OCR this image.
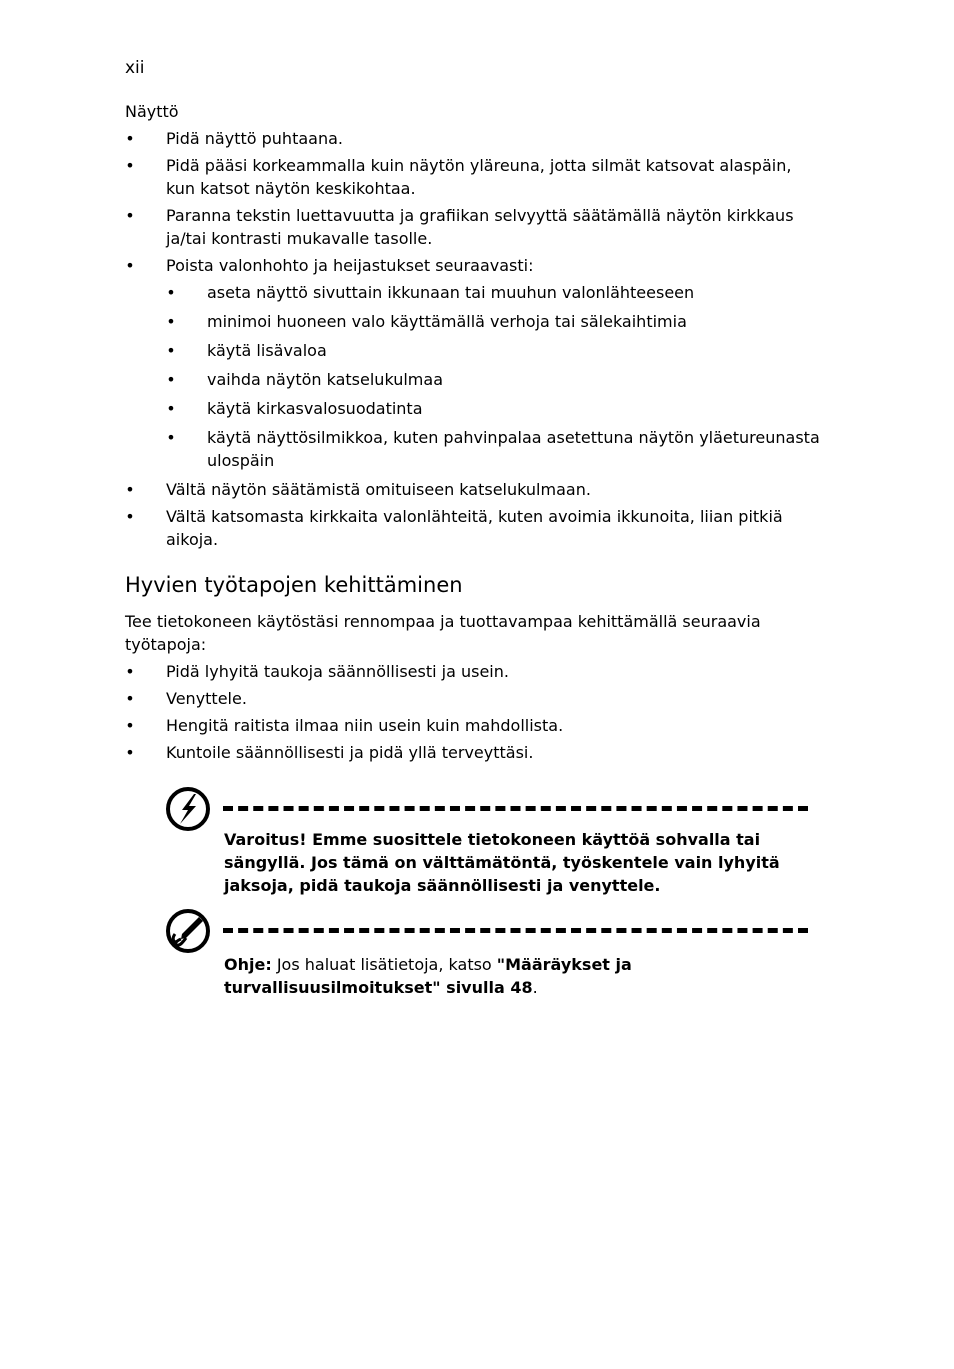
xii
Näyttö
• Pidä näyttö puhtaana.
• Pidä pääsi korkeammalla kuin näytön yläreuna, jotta silmät katsovat alaspäin, kun katsot näytön keskikohtaa.
• Paranna tekstin luettavuutta ja grafiikan selvyyttä säätämällä näytön kirkkaus ja/tai kontrasti mukavalle tasolle.
• Poista valonhohto ja heijastukset seuraavasti:
• aseta näyttö sivuttain ikkunaan tai muuhun valonlähteeseen
• minimoi huoneen valo käyttämällä verhoja tai sälekaihtimia
• käytä lisävaloa
• vaihda näytön katselukulmaa
• käytä kirkasvalosuodatinta
• käytä näyttösilmikkoa, kuten pahvinpalaa asetettuna näytön yläetureunasta ulospäin
• Vältä näytön säätämistä omituiseen katselukulmaan.
• Vältä katsomasta kirkkaita valonlähteitä, kuten avoimia ikkunoita, liian pitkiä aikoja.
Hyvien työtapojen kehittäminen
Tee tietokoneen käytöstäsi rennompaa ja tuottavampaa kehittämällä seuraavia työtapoja:
• Pidä lyhyitä taukoja säännöllisesti ja usein.
• Venyttele.
• Hengitä raitista ilmaa niin usein kuin mahdollista.
• Kuntoile säännöllisesti ja pidä yllä terveyttäsi.
Varoitus! Emme suosittele tietokoneen käyttöä sohvalla tai sängyllä. Jos tämä on välttämätöntä, työskentele vain lyhyitä jaksoja, pidä taukoja säännöllisesti ja venyttele.
Ohje: Jos haluat lisätietoja, katso "Määräykset ja turvallisuusilmoitukset" sivulla 48.
